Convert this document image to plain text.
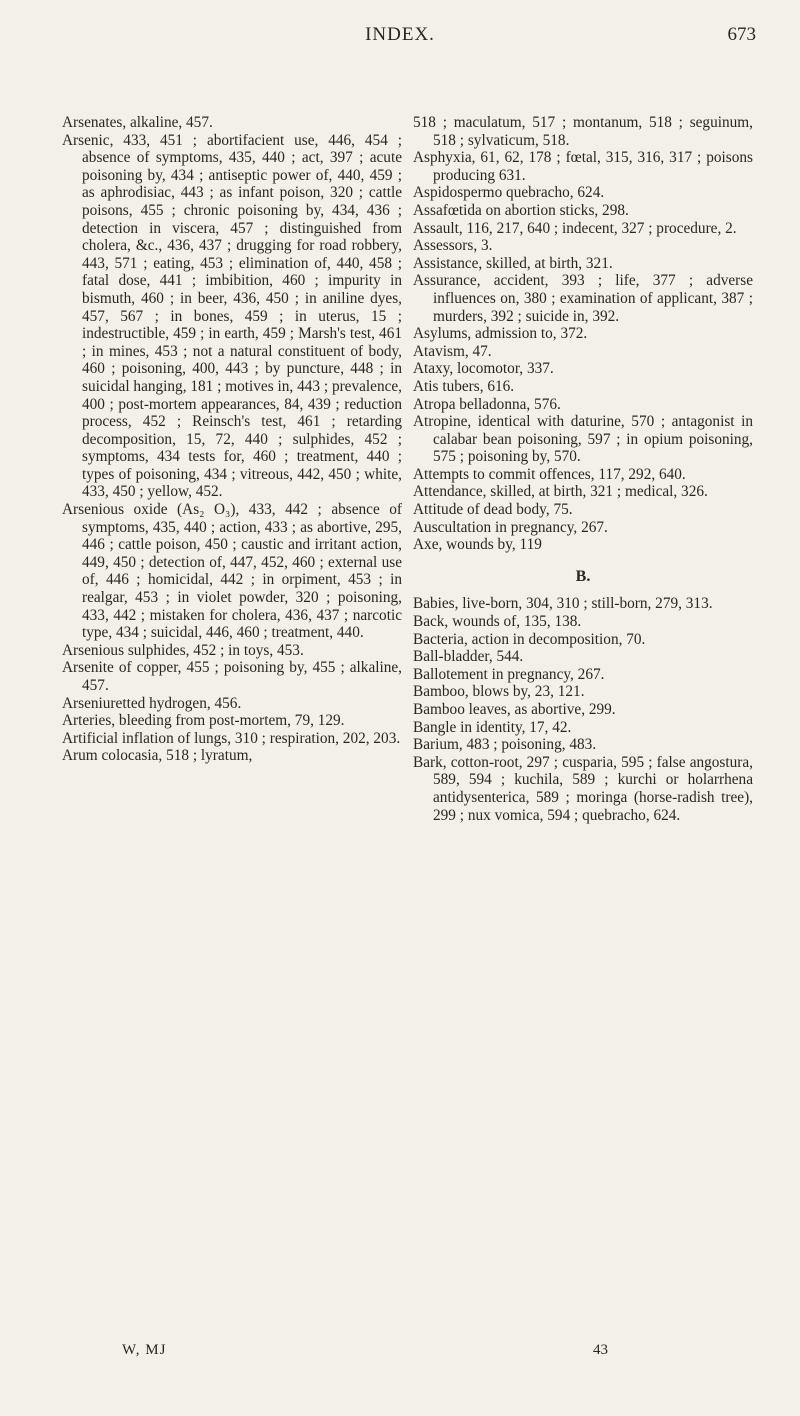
INDEX.	673

Arsenates, alkaline, 457.

Arsenic, 433, 451 ; abortifacient use, 446, 454 ; absence of symptoms, 435, 440 ; act, 397 ; acute poisoning by, 434 ; antiseptic power of, 440, 459 ; as aphrodisiac, 443 ; as infant poison, 320 ; cattle poisons, 455 ; chronic poisoning by, 434, 436 ; detection in viscera, 457 ; distinguished from cholera, &c., 436, 437 ; drugging for road robbery, 443, 571 ; eating, 453 ; elimination of, 440, 458 ; fatal dose, 441 ; imbibition, 460 ; impurity in bismuth, 460 ; in beer, 436, 450 ; in aniline dyes, 457, 567 ; in bones, 459 ; in uterus, 15 ; indestructible, 459 ; in earth, 459 ; Marsh's test, 461 ; in mines, 453 ; not a natural constituent of body, 460 ; poisoning, 400, 443 ; by puncture, 448 ; in suicidal hanging, 181 ; motives in, 443 ; prevalence, 400 ; post-mortem appearances, 84, 439 ; reduction process, 452 ; Reinsch's test, 461 ; retarding decomposition, 15, 72, 440 ; sulphides, 452 ; symptoms, 434 tests for, 460 ; treatment, 440 ; types of poisoning, 434 ; vitreous, 442, 450 ; white, 433, 450 ; yellow, 452.

Arsenious oxide (As₂ O₃), 433, 442 ; absence of symptoms, 435, 440 ; action, 433 ; as abortive, 295, 446 ; cattle poison, 450 ; caustic and irritant action, 449, 450 ; detection of, 447, 452, 460 ; external use of, 446 ; homicidal, 442 ; in orpiment, 453 ; in realgar, 453 ; in violet powder, 320 ; poisoning, 433, 442 ; mistaken for cholera, 436, 437 ; narcotic type, 434 ; suicidal, 446, 460 ; treatment, 440.

Arsenious sulphides, 452 ; in toys, 453.

Arsenite of copper, 455 ; poisoning by, 455 ; alkaline, 457.

Arseniuretted hydrogen, 456.

Arteries, bleeding from post-mortem, 79, 129.

Artificial inflation of lungs, 310 ; respiration, 202, 203.

Arum colocasia, 518 ; lyratum,

518 ; maculatum, 517 ; montanum, 518 ; seguinum, 518 ; sylvaticum, 518.

Asphyxia, 61, 62, 178 ; fœtal, 315, 316, 317 ; poisons producing 631.

Aspidospermo quebracho, 624.

Assafœtida on abortion sticks, 298.

Assault, 116, 217, 640 ; indecent, 327 ; procedure, 2.

Assessors, 3.

Assistance, skilled, at birth, 321.

Assurance, accident, 393 ; life, 377 ; adverse influences on, 380 ; examination of applicant, 387 ; murders, 392 ; suicide in, 392.

Asylums, admission to, 372.

Atavism, 47.

Ataxy, locomotor, 337.

Atis tubers, 616.

Atropa belladonna, 576.

Atropine, identical with daturine, 570 ; antagonist in calabar bean poisoning, 597 ; in opium poisoning, 575 ; poisoning by, 570.

Attempts to commit offences, 117, 292, 640.

Attendance, skilled, at birth, 321 ; medical, 326.

Attitude of dead body, 75.

Auscultation in pregnancy, 267.

Axe, wounds by, 119

B.

Babies, live-born, 304, 310 ; still-born, 279, 313.

Back, wounds of, 135, 138.

Bacteria, action in decomposition, 70.

Ball-bladder, 544.

Ballotement in pregnancy, 267.

Bamboo, blows by, 23, 121.

Bamboo leaves, as abortive, 299.

Bangle in identity, 17, 42.

Barium, 483 ; poisoning, 483.

Bark, cotton-root, 297 ; cusparia, 595 ; false angostura, 589, 594 ; kuchila, 589 ; kurchi or holarrhena antidysenterica, 589 ; moringa (horse-radish tree), 299 ; nux vomica, 594 ; quebracho, 624.

W, MJ	43
